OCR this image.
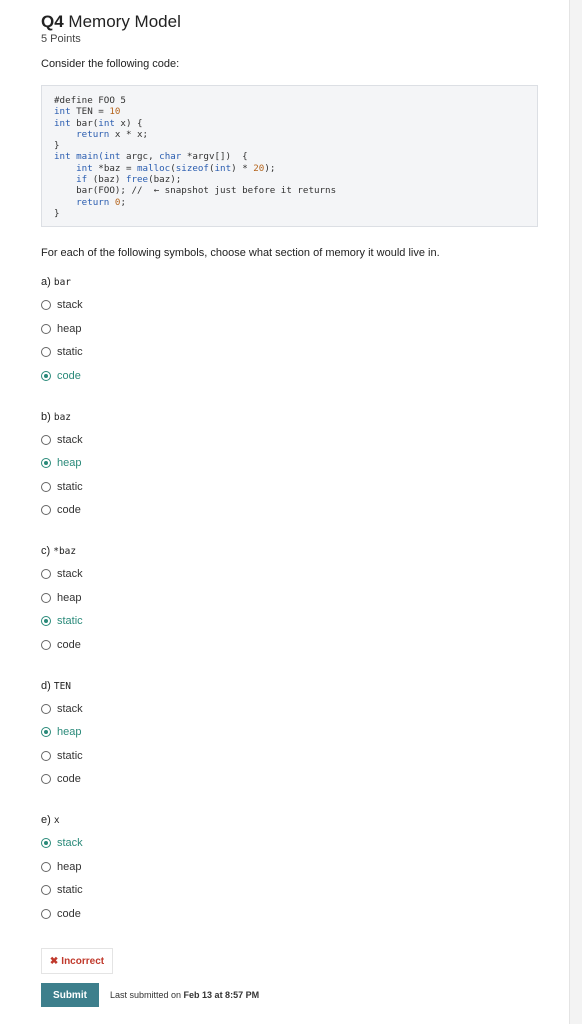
Q4 Memory Model
5 Points
Consider the following code:
#define FOO 5
int TEN = 10
int bar(int x) {
return x * x;
}
int main(int argc, char *argv[])  {
int *baz = malloc(sizeof(int) * 20);
if (baz) free(baz);
bar(FOO); //  ← snapshot just before it returns
return 0;
}
For each of the following symbols, choose what section of memory it would live in.
a) bar
stack
heap
static
code
b) baz
stack
heap
static
code
c) *baz
stack
heap
static
code
d) TEN
stack
heap
static
code
e) x
stack
heap
static
code
✖ Incorrect
Submit	Last submitted on Feb 13 at 8:57 PM
